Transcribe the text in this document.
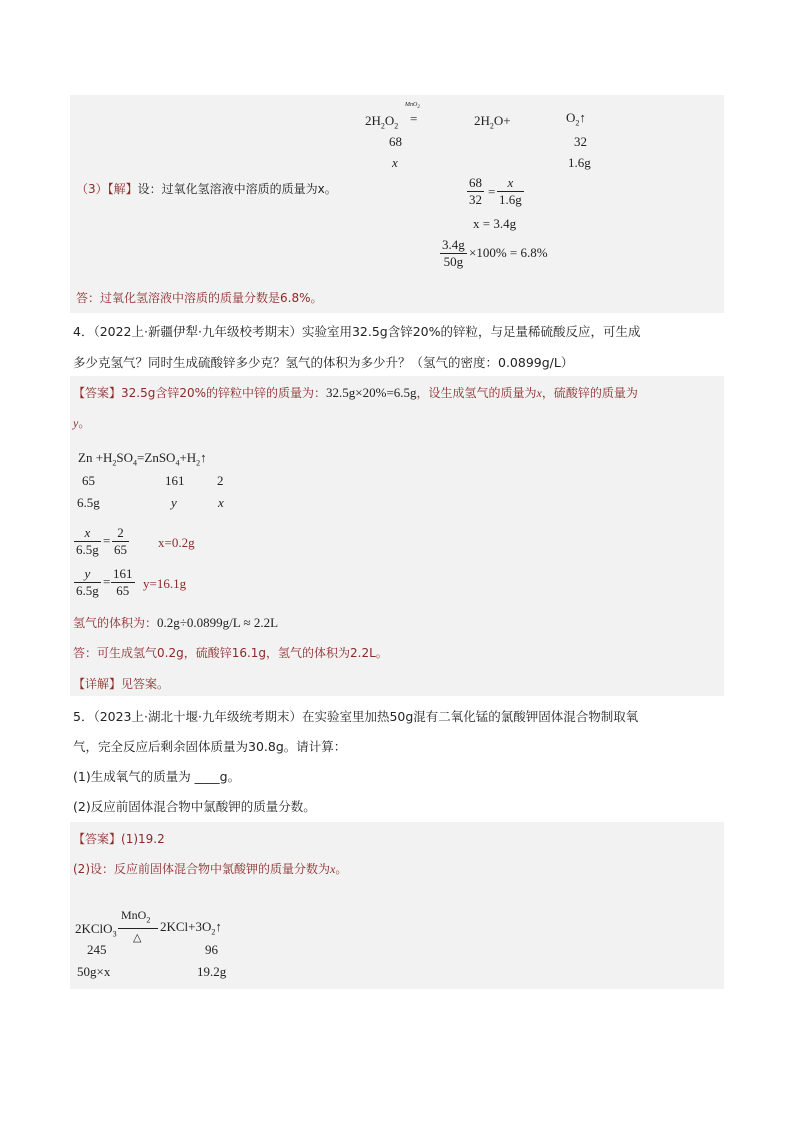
$2H_2O_2$
MnO$_2$
=	$2H_2O+$	$O_2↑$
68	32
x	1.6g
（3）【解】设：过氧化氢溶液中溶质的质量为x。	68
32
=
x
1.6g
x = 3.4g
3.4g
50g
×100% = 6.8%
答：过氧化氢溶液中溶质的质量分数是6.8%。
4．（2022上·新疆伊犁·九年级校考期末）实验室用32.5g含锌20%的锌粒，与足量稀硫酸反应，可生成
多少克氢气？同时生成硫酸锌多少克？氢气的体积为多少升？（氢气的密度：0.0899g/L）
【答案】32.5g含锌20%的锌粒中锌的质量为：32.5g×20%=6.5g，设生成氢气的质量为x，硫酸锌的质量为
y。
$Zn +H_2SO_4=ZnSO_4+H_2↑$
65	161	2
6.5g	y	x
x
6.5g
=
2
65 x=0.2g
y
6.5g
=
161
65 y=16.1g
氢气的体积为：0.2g÷0.0899g/L ≈ 2.2L
答：可生成氢气0.2g，硫酸锌16.1g，氢气的体积为2.2L。
【详解】见答案。
5．（2023上·湖北十堰·九年级统考期末）在实验室里加热50g混有二氧化锰的氯酸钾固体混合物制取氧
气，完全反应后剩余固体质量为30.8g。请计算：
(1)生成氧气的质量为 ____g。
(2)反应前固体混合物中氯酸钾的质量分数。
【答案】(1)19.2
(2)设：反应前固体混合物中氯酸钾的质量分数为x。
2KClO$_3$
MnO$_2$
△
$2KCl+3O_2↑$
245	96
50g×x	19.2g
